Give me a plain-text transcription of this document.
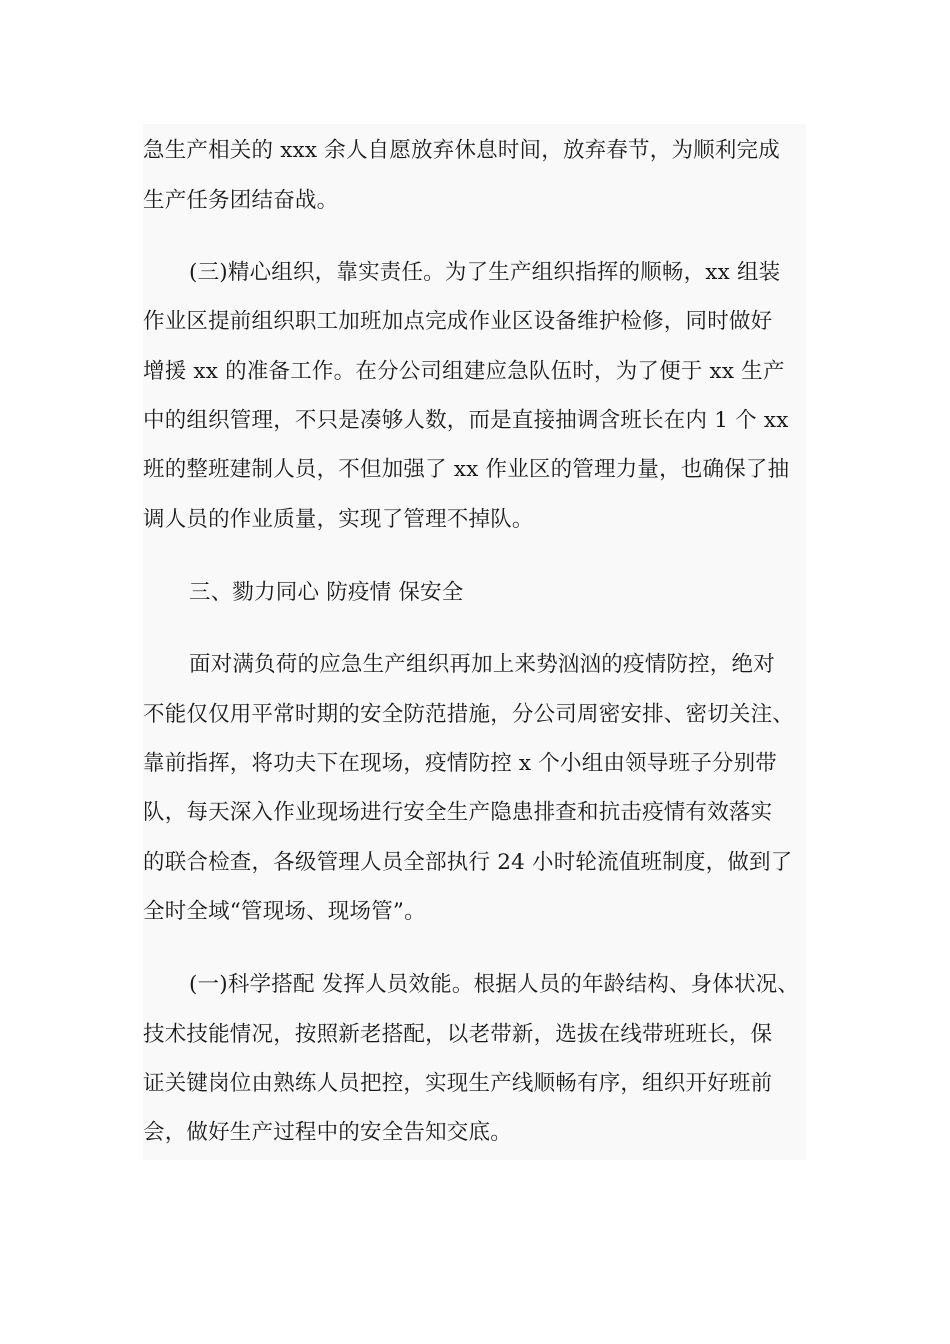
急生产相关的 xxx 余人自愿放弃休息时间，放弃春节，为顺利完成
生产任务团结奋战。
(三)精心组织，靠实责任。为了生产组织指挥的顺畅，xx 组装
作业区提前组织职工加班加点完成作业区设备维护检修，同时做好
增援 xx 的准备工作。在分公司组建应急队伍时，为了便于 xx 生产
中的组织管理，不只是凑够人数，而是直接抽调含班长在内 1 个 xx
班的整班建制人员，不但加强了 xx 作业区的管理力量，也确保了抽
调人员的作业质量，实现了管理不掉队。
三、勠力同心 防疫情 保安全
面对满负荷的应急生产组织再加上来势汹汹的疫情防控，绝对
不能仅仅用平常时期的安全防范措施，分公司周密安排、密切关注、
靠前指挥，将功夫下在现场，疫情防控 x 个小组由领导班子分别带
队，每天深入作业现场进行安全生产隐患排查和抗击疫情有效落实
的联合检查，各级管理人员全部执行 24 小时轮流值班制度，做到了
全时全域“管现场、现场管”。
(一)科学搭配 发挥人员效能。根据人员的年龄结构、身体状况、
技术技能情况，按照新老搭配，以老带新，选拔在线带班班长，保
证关键岗位由熟练人员把控，实现生产线顺畅有序，组织开好班前
会，做好生产过程中的安全告知交底。
